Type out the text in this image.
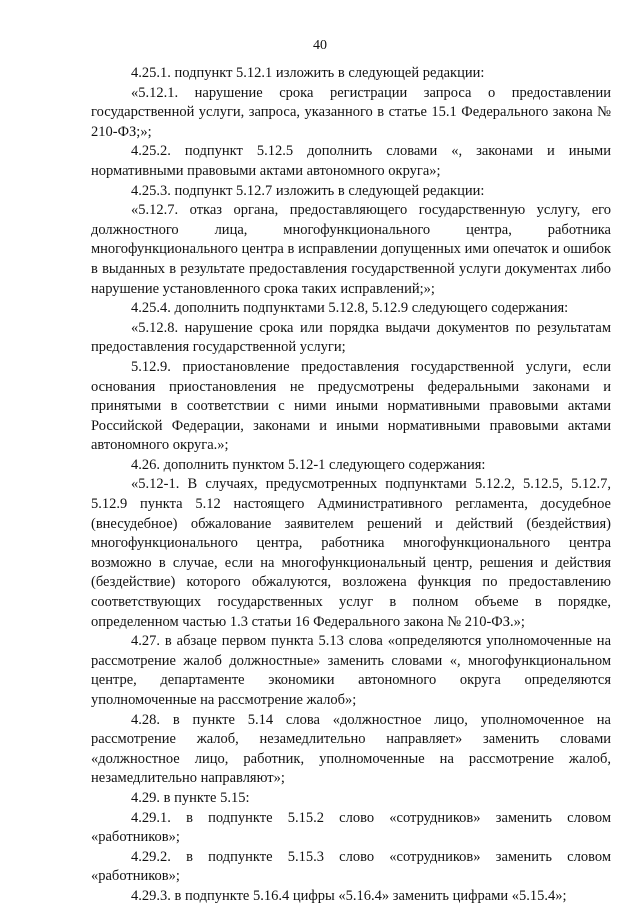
40

4.25.1. подпункт 5.12.1 изложить в следующей редакции:

«5.12.1. нарушение срока регистрации запроса о предоставлении государственной услуги, запроса, указанного в статье 15.1 Федерального закона № 210-ФЗ;»;

4.25.2. подпункт 5.12.5 дополнить словами «, законами и иными нормативными правовыми актами автономного округа»;

4.25.3. подпункт 5.12.7 изложить в следующей редакции:

«5.12.7. отказ органа, предоставляющего государственную услугу, его должностного лица, многофункционального центра, работника многофункционального центра в исправлении допущенных ими опечаток и ошибок в выданных в результате предоставления государственной услуги документах либо нарушение установленного срока таких исправлений;»;

4.25.4. дополнить подпунктами 5.12.8, 5.12.9 следующего содержания:

«5.12.8. нарушение срока или порядка выдачи документов по результатам предоставления государственной услуги;

5.12.9. приостановление предоставления государственной услуги, если основания приостановления не предусмотрены федеральными законами и принятыми в соответствии с ними иными нормативными правовыми актами Российской Федерации, законами и иными нормативными правовыми актами автономного округа.»;

4.26. дополнить пунктом 5.12-1 следующего содержания:

«5.12-1. В случаях, предусмотренных подпунктами 5.12.2, 5.12.5, 5.12.7, 5.12.9 пункта 5.12 настоящего Административного регламента, досудебное (внесудебное) обжалование заявителем решений и действий (бездействия) многофункционального центра, работника многофункционального центра возможно в случае, если на многофункциональный центр, решения и действия (бездействие) которого обжалуются, возложена функция по предоставлению соответствующих государственных услуг в полном объеме в порядке, определенном частью 1.3 статьи 16 Федерального закона № 210-ФЗ.»;

4.27. в абзаце первом пункта 5.13 слова «определяются уполномоченные на рассмотрение жалоб должностные» заменить словами «, многофункциональном центре, департаменте экономики автономного округа определяются уполномоченные на рассмотрение жалоб»;

4.28. в пункте 5.14 слова «должностное лицо, уполномоченное на рассмотрение жалоб, незамедлительно направляет» заменить словами «должностное лицо, работник, уполномоченные на рассмотрение жалоб, незамедлительно направляют»;

4.29. в пункте 5.15:

4.29.1. в подпункте 5.15.2 слово «сотрудников» заменить словом «работников»;

4.29.2. в подпункте 5.15.3 слово «сотрудников» заменить словом «работников»;

4.29.3. в подпункте 5.16.4 цифры «5.16.4» заменить цифрами «5.15.4»;
